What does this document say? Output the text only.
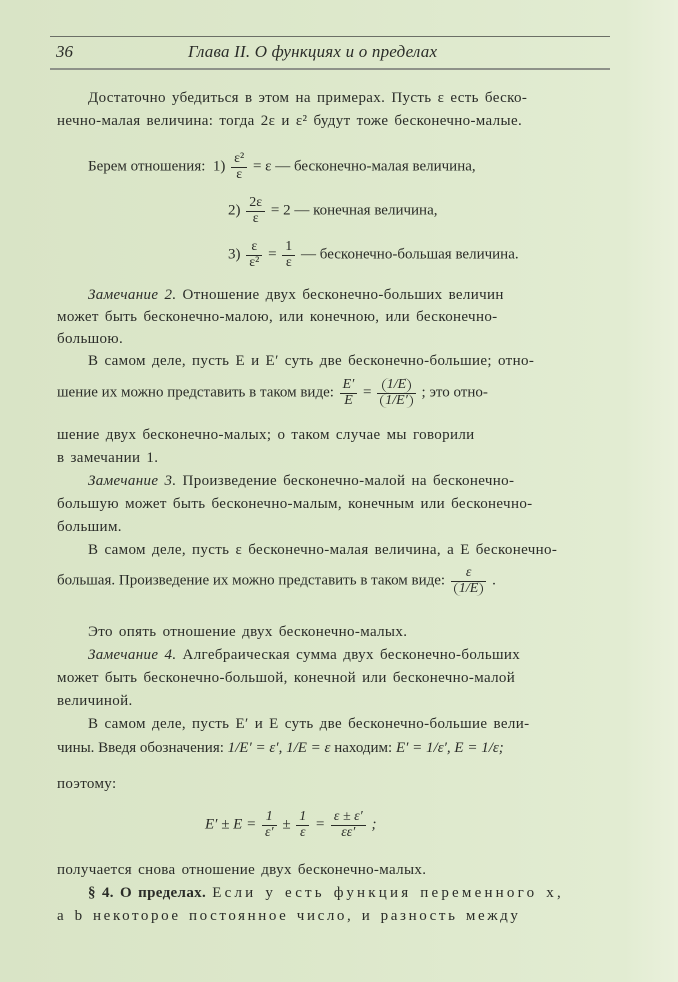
36	Глава II. О функциях и о пределах
Достаточно убедиться в этом на примерах. Пусть ε есть беско-
нечно-малая величина: тогда 2ε и ε² будут тоже бесконечно-малые.
Берем отношения: $1) \frac{\text{ε²}}{\varepsilon} = \varepsilon$ — бесконечно-малая величина,
$2) \frac{2\varepsilon}{\varepsilon} = 2$ — конечная величина,
$3) \frac{\varepsilon}{\text{ε²}} = \frac{1}{\varepsilon}$ — бесконечно-большая величина.
Замечание 2. Отношение двух бесконечно-больших величин
может быть бесконечно-малою, или конечною, или бесконечно-
большою.
В самом деле, пусть E и E′ суть две бесконечно-большие; отно-
шение их можно представить в таком виде: $\frac{E'}{E} = \frac{1/E}{1/E'}$ ; это отно-
шение двух бесконечно-малых; о таком случае мы говорили
в замечании 1.
Замечание 3. Произведение бесконечно-малой на бесконечно-
большую может быть бесконечно-малым, конечным или бесконечно-
большим.
В самом деле, пусть ε бесконечно-малая величина, а E бесконечно-
большая. Произведение их можно представить в таком виде: $\frac{\varepsilon}{1/E}$ .
Это опять отношение двух бесконечно-малых.
Замечание 4. Алгебраическая сумма двух бесконечно-больших
может быть бесконечно-большой, конечной или бесконечно-малой
величиной.
В самом деле, пусть E′ и E суть две бесконечно-большие вели-
чины. Введя обозначения: 1/E′ = ε′, 1/E = ε находим: E′ = 1/ε′, E = 1/ε;
поэтому:
$E' \pm E = \frac{1}{\varepsilon'} \pm \frac{1}{\varepsilon} = \frac{\varepsilon \pm \varepsilon'}{\varepsilon\varepsilon'}$ ;
получается снова отношение двух бесконечно-малых.
§ 4. О пределах. Если y есть функция переменного x,
a b некоторое постоянное число, и разность между
